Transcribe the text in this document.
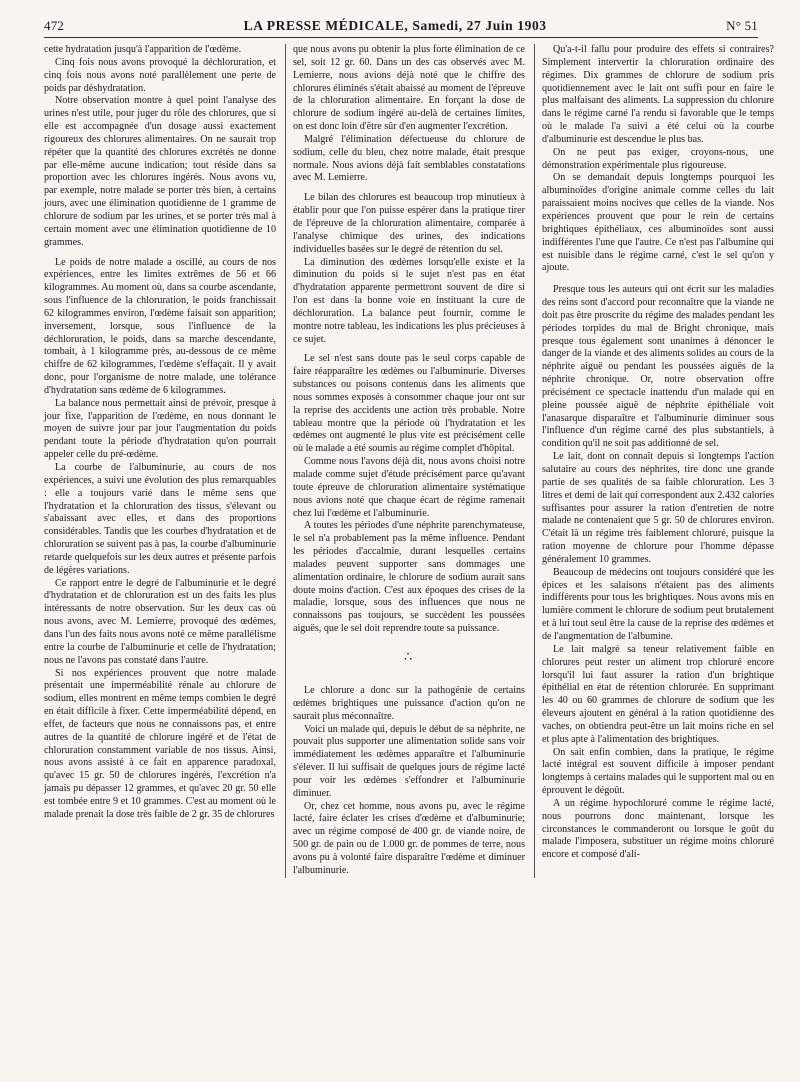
472	LA PRESSE MÉDICALE, Samedi, 27 Juin 1903	N° 51

cette hydratation jusqu'à l'apparition de l'œdème.

Cinq fois nous avons provoqué la déchloruration, et cinq fois nous avons noté parallèlement une perte de poids par déshydratation.

Notre observation montre à quel point l'analyse des urines n'est utile, pour juger du rôle des chlorures, que si elle est accompagnée d'un dosage aussi exactement rigoureux des chlorures alimentaires. On ne saurait trop répéter que la quantité des chlorures excrétés ne donne par elle-même aucune indication; tout réside dans sa proportion avec les chlorures ingérés. Nous avons vu, par exemple, notre malade se porter très bien, à certains jours, avec une élimination quotidienne de 1 gramme de chlorure de sodium par les urines, et se porter très mal à certain moment avec une élimination quotidienne de 10 grammes.

Le poids de notre malade a oscillé, au cours de nos expériences, entre les limites extrêmes de 56 et 66 kilogrammes. Au moment où, dans sa courbe ascendante, sous l'influence de la chloruration, le poids franchissait 62 kilogrammes environ, l'œdème faisait son apparition; inversement, lorsque, sous l'influence de la déchloruration, le poids, dans sa marche descendante, tombait, à 1 kilogramme près, au-dessous de ce même chiffre de 62 kilogrammes, l'œdème s'effaçait. Il y avait donc, pour l'organisme de notre malade, une tolérance d'hydratation sans œdème de 6 kilogrammes.

La balance nous permettait ainsi de prévoir, presque à jour fixe, l'apparition de l'œdème, en nous donnant le moyen de suivre jour par jour l'augmentation du poids pendant toute la période d'hydratation qu'on pourrait appeler celle du pré-œdème.

La courbe de l'albuminurie, au cours de nos expériences, a suivi une évolution des plus remarquables : elle a toujours varié dans le même sens que l'hydratation et la chloruration des tissus, s'élevant ou s'abaissant avec elles, et dans des proportions considérables. Tandis que les courbes d'hydratation et de chloruration se suivent pas à pas, la courbe d'albuminurie retarde quelquefois sur les deux autres et présente parfois de légères variations.

Ce rapport entre le degré de l'albuminurie et le degré d'hydratation et de chloruration est un des faits les plus intéressants de notre observation. Sur les deux cas où nous avons, avec M. Lemierre, provoqué des œdèmes, dans l'un des faits nous avons noté ce même parallélisme entre la courbe de l'albuminurie et celle de l'hydratation; nous ne l'avons pas constaté dans l'autre.

Si nos expériences prouvent que notre malade présentait une imperméabilité rénale au chlorure de sodium, elles montrent en même temps combien le degré en était difficile à fixer. Cette imperméabilité dépend, en effet, de facteurs que nous ne connaissons pas, et entre autres de la quantité de chlorure ingéré et de l'état de chloruration constamment variable de nos tissus. Ainsi, nous avons assisté à ce fait en apparence paradoxal, qu'avec 15 gr. 50 de chlorures ingérés, l'excrétion n'a jamais pu dépasser 12 grammes, et qu'avec 20 gr. 50 elle est tombée entre 9 et 10 grammes. C'est au moment où le malade prenait la dose très faible de 2 gr. 35 de chlorures

que nous avons pu obtenir la plus forte élimination de ce sel, soit 12 gr. 60. Dans un des cas observés avec M. Lemierre, nous avions déjà noté que le chiffre des chlorures éliminés s'était abaissé au moment de l'épreuve de la chloruration alimentaire. En forçant la dose de chlorure de sodium ingéré au-delà de certaines limites, on est donc loin d'être sûr d'en augmenter l'excrétion.

Malgré l'élimination défectueuse du chlorure de sodium, celle du bleu, chez notre malade, était presque normale. Nous avions déjà fait semblables constatations avec M. Lemierre.

Le bilan des chlorures est beaucoup trop minutieux à établir pour que l'on puisse espérer dans la pratique tirer de l'épreuve de la chloruration alimentaire, comparée à l'analyse chimique des urines, des indications individuelles basées sur le degré de rétention du sel.

La diminution des œdèmes lorsqu'elle existe et la diminution du poids si le sujet n'est pas en état d'hydratation apparente permettront souvent de dire si l'on est dans la bonne voie en instituant la cure de déchloruration. La balance peut fournir, comme le montre notre tableau, les indications les plus précieuses à ce sujet.

Le sel n'est sans doute pas le seul corps capable de faire réapparaître les œdèmes ou l'albuminurie. Diverses substances ou poisons contenus dans les aliments que nous sommes exposés à consommer chaque jour ont sur la reprise des accidents une action très probable. Notre tableau montre que la période où l'hydratation et les œdèmes ont augmenté le plus vite est précisément celle où le malade a été soumis au régime complet d'hôpital.

Comme nous l'avons déjà dit, nous avons choisi notre malade comme sujet d'étude précisément parce qu'avant toute épreuve de chloruration alimentaire systématique nous avions noté que chaque écart de régime ramenait chez lui l'œdème et l'albuminurie.

A toutes les périodes d'une néphrite parenchymateuse, le sel n'a probablement pas la même influence. Pendant les périodes d'accalmie, durant lesquelles certains malades peuvent supporter sans dommages une alimentation ordinaire, le chlorure de sodium aurait sans doute moins d'action. C'est aux époques des crises de la maladie, lorsque, sous des influences que nous ne connaissons pas toujours, se succèdent les poussées aiguës, que le sel doit reprendre toute sa puissance.

∴

Le chlorure a donc sur la pathogénie de certains œdèmes brightiques une puissance d'action qu'on ne saurait plus méconnaître.

Voici un malade qui, depuis le début de sa néphrite, ne pouvait plus supporter une alimentation solide sans voir immédiatement les œdèmes apparaître et l'albuminurie s'élever. Il lui suffisait de quelques jours de régime lacté pour voir les œdèmes s'effondrer et l'albuminurie diminuer.

Or, chez cet homme, nous avons pu, avec le régime lacté, faire éclater les crises d'œdème et d'albuminurie; avec un régime composé de 400 gr. de viande noire, de 500 gr. de pain ou de 1.000 gr. de pommes de terre, nous avons pu à volonté faire disparaître l'œdème et diminuer l'albuminurie.

Qu'a-t-il fallu pour produire des effets si contraires? Simplement intervertir la chloruration ordinaire des régimes. Dix grammes de chlorure de sodium pris quotidiennement avec le lait ont suffi pour en faire le plus malfaisant des aliments. La suppression du chlorure dans le régime carné l'a rendu si favorable que le temps où le malade l'a suivi a été celui où la courbe d'albuminurie est descendue le plus bas.

On ne peut pas exiger, croyons-nous, une démonstration expérimentale plus rigoureuse.

On se demandait depuis longtemps pourquoi les albuminoïdes d'origine animale comme celles du lait paraissaient moins nocives que celles de la viande. Nos expériences prouvent que pour le rein de certains brightiques épithéliaux, ces albuminoïdes sont aussi indifférentes l'une que l'autre. Ce n'est pas l'albumine qui est nuisible dans le régime carné, c'est le sel qu'on y ajoute.

Presque tous les auteurs qui ont écrit sur les maladies des reins sont d'accord pour reconnaître que la viande ne doit pas être proscrite du régime des malades pendant les périodes torpides du mal de Bright chronique, mais presque tous également sont unanimes à dénoncer le danger de la viande et des aliments solides au cours de la néphrite aiguë ou pendant les poussées aiguës de la néphrite chronique. Or, notre observation offre précisément ce spectacle inattendu d'un malade qui en pleine poussée aiguë de néphrite épithéliale voit l'anasarque disparaître et l'albuminurie diminuer sous l'influence d'un régime carné des plus substantiels, à condition qu'il ne soit pas additionné de sel.

Le lait, dont on connaît depuis si longtemps l'action salutaire au cours des néphrites, tire donc une grande partie de ses qualités de sa faible chloruration. Les 3 litres et demi de lait qui correspondent aux 2.432 calories suffisantes pour assurer la ration d'entretien de notre malade ne contenaient que 5 gr. 50 de chlorures environ. C'était là un régime très faiblement chloruré, puisque la ration moyenne de chlorure pour l'homme dépasse généralement 10 grammes.

Beaucoup de médecins ont toujours considéré que les épices et les salaisons n'étaient pas des aliments indifférents pour tous les brightiques. Nous avons mis en lumière comment le chlorure de sodium peut brutalement et à lui tout seul être la cause de la reprise des œdèmes et de l'augmentation de l'albumine.

Le lait malgré sa teneur relativement faible en chlorures peut rester un aliment trop chloruré encore lorsqu'il lui faut assurer la ration d'un brightique épithélial en état de rétention chlorurée. En supprimant les 40 ou 60 grammes de chlorure de sodium que les éleveurs ajoutent en général à la ration quotidienne des vaches, on obtiendra peut-être un lait moins riche en sel et plus apte à l'alimentation des brightiques.

On sait enfin combien, dans la pratique, le régime lacté intégral est souvent difficile à imposer pendant longtemps à certains malades qui le supportent mal ou en éprouvent le dégoût.

A un régime hypochloruré comme le régime lacté, nous pourrons donc maintenant, lorsque les circonstances le commanderont ou lorsque le goût du malade l'imposera, substituer un régime moins chloruré encore et composé d'ali-
